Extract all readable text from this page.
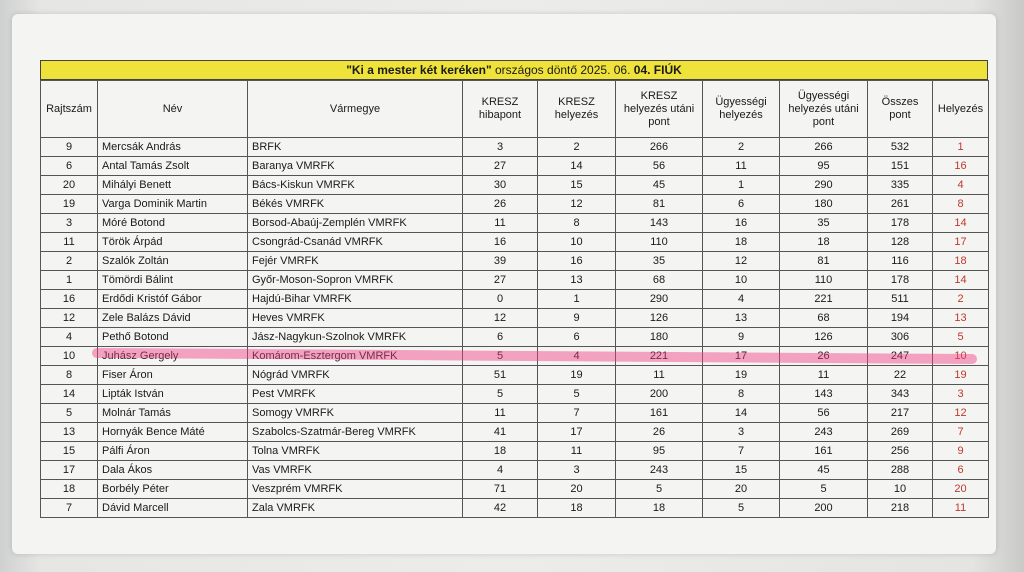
"Ki a mester két keréken" országos döntő 2025. 06. 04. FIÚK
Rajtszám	Név	Vármegye	KRESZ hibapont	KRESZ helyezés	KRESZ helyezés utáni pont	Ügyességi helyezés	Ügyességi helyezés utáni pont	Összes pont	Helyezés
9	Mercsák András	BRFK	3	2	266	2	266	532	1
6	Antal Tamás Zsolt	Baranya VMRFK	27	14	56	11	95	151	16
20	Mihályi Benett	Bács-Kiskun VMRFK	30	15	45	1	290	335	4
19	Varga Dominik Martin	Békés VMRFK	26	12	81	6	180	261	8
3	Móré Botond	Borsod-Abaúj-Zemplén VMRFK	11	8	143	16	35	178	14
11	Török Árpád	Csongrád-Csanád VMRFK	16	10	110	18	18	128	17
2	Szalók Zoltán	Fejér VMRFK	39	16	35	12	81	116	18
1	Tömördi Bálint	Győr-Moson-Sopron VMRFK	27	13	68	10	110	178	14
16	Erdődi Kristóf Gábor	Hajdú-Bihar VMRFK	0	1	290	4	221	511	2
12	Zele Balázs Dávid	Heves VMRFK	12	9	126	13	68	194	13
4	Pethő Botond	Jász-Nagykun-Szolnok VMRFK	6	6	180	9	126	306	5
10	Juhász Gergely	Komárom-Esztergom VMRFK	5	4	221	17	26	247	10
8	Fiser Áron	Nógrád VMRFK	51	19	11	19	11	22	19
14	Lipták István	Pest VMRFK	5	5	200	8	143	343	3
5	Molnár Tamás	Somogy VMRFK	11	7	161	14	56	217	12
13	Hornyák Bence Máté	Szabolcs-Szatmár-Bereg VMRFK	41	17	26	3	243	269	7
15	Pálfi Áron	Tolna VMRFK	18	11	95	7	161	256	9
17	Dala Ákos	Vas VMRFK	4	3	243	15	45	288	6
18	Borbély Péter	Veszprém VMRFK	71	20	5	20	5	10	20
7	Dávid Marcell	Zala VMRFK	42	18	18	5	200	218	11
